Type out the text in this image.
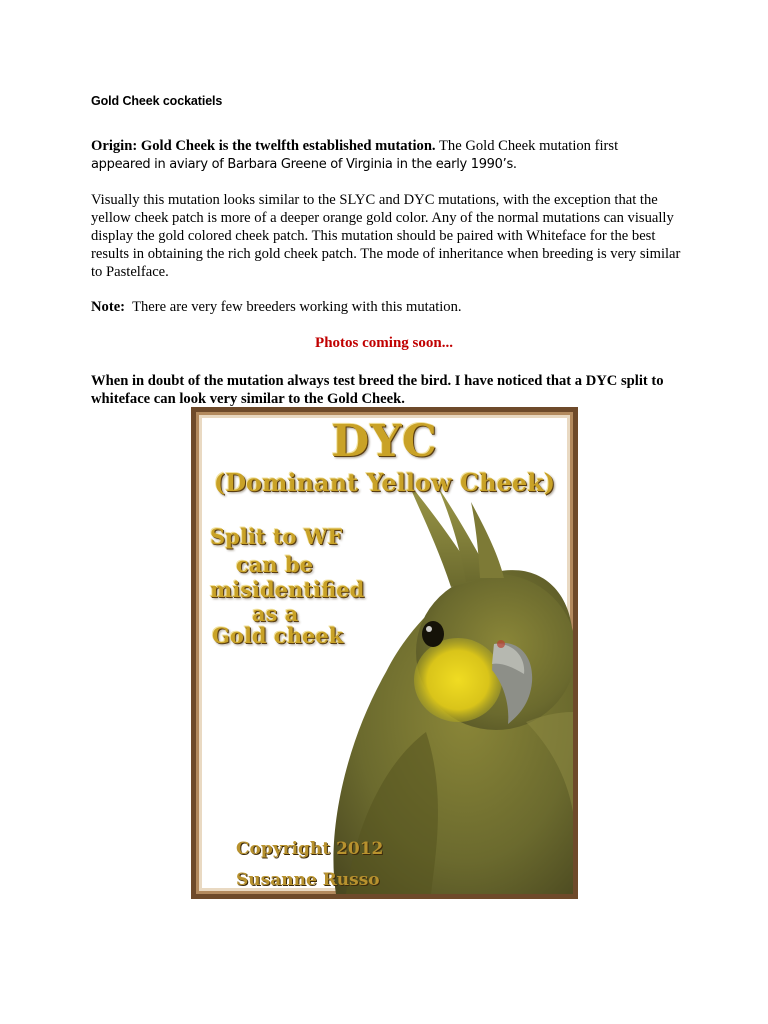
Gold Cheek cockatiels
Origin: Gold Cheek is the twelfth established mutation. The Gold Cheek mutation first
appeared in aviary of Barbara Greene of Virginia in the early 1990’s.
Visually this mutation looks similar to the SLYC and DYC mutations, with the exception that the yellow cheek patch is more of a deeper orange gold color. Any of the normal mutations can visually display the gold colored cheek patch. This mutation should be paired with Whiteface for the best results in obtaining the rich gold cheek patch. The mode of inheritance when breeding is very similar to Pastelface.
Note:  There are very few breeders working with this mutation.
Photos coming soon...
When in doubt of the mutation always test breed the bird. I have noticed that a DYC split to whiteface can look very similar to the Gold Cheek.
DYC
(Dominant Yellow Cheek)
Split to WF
can be
misidentified
as a
Gold cheek
Copyright 2012
Susanne Russo
